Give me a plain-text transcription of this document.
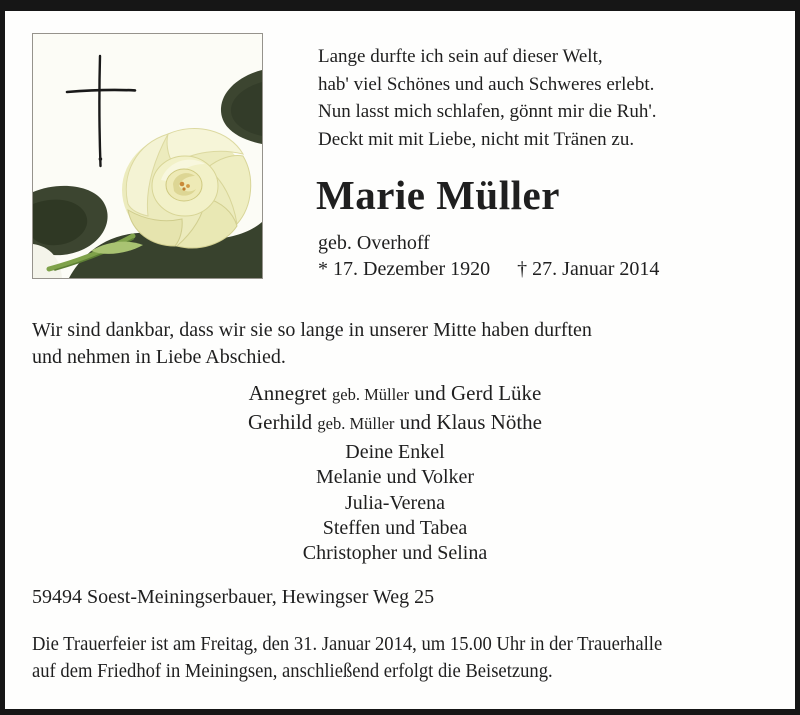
Lange durfte ich sein auf dieser Welt,
hab' viel Schönes und auch Schweres erlebt.
Nun lasst mich schlafen, gönnt mir die Ruh'.
Deckt mit mit Liebe, nicht mit Tränen zu.
Marie Müller
geb. Overhoff
* 17. Dezember 1920 † 27. Januar 2014
Wir sind dankbar, dass wir sie so lange in unserer Mitte haben durften
und nehmen in Liebe Abschied.
Annegret geb. Müller und Gerd Lüke
Gerhild geb. Müller und Klaus Nöthe
Deine Enkel
Melanie und Volker
Julia-Verena
Steffen und Tabea
Christopher und Selina
59494 Soest-Meiningserbauer, Hewingser Weg 25
Die Trauerfeier ist am Freitag, den 31. Januar 2014, um 15.00 Uhr in der Trauerhalle
auf dem Friedhof in Meiningsen, anschließend erfolgt die Beisetzung.
